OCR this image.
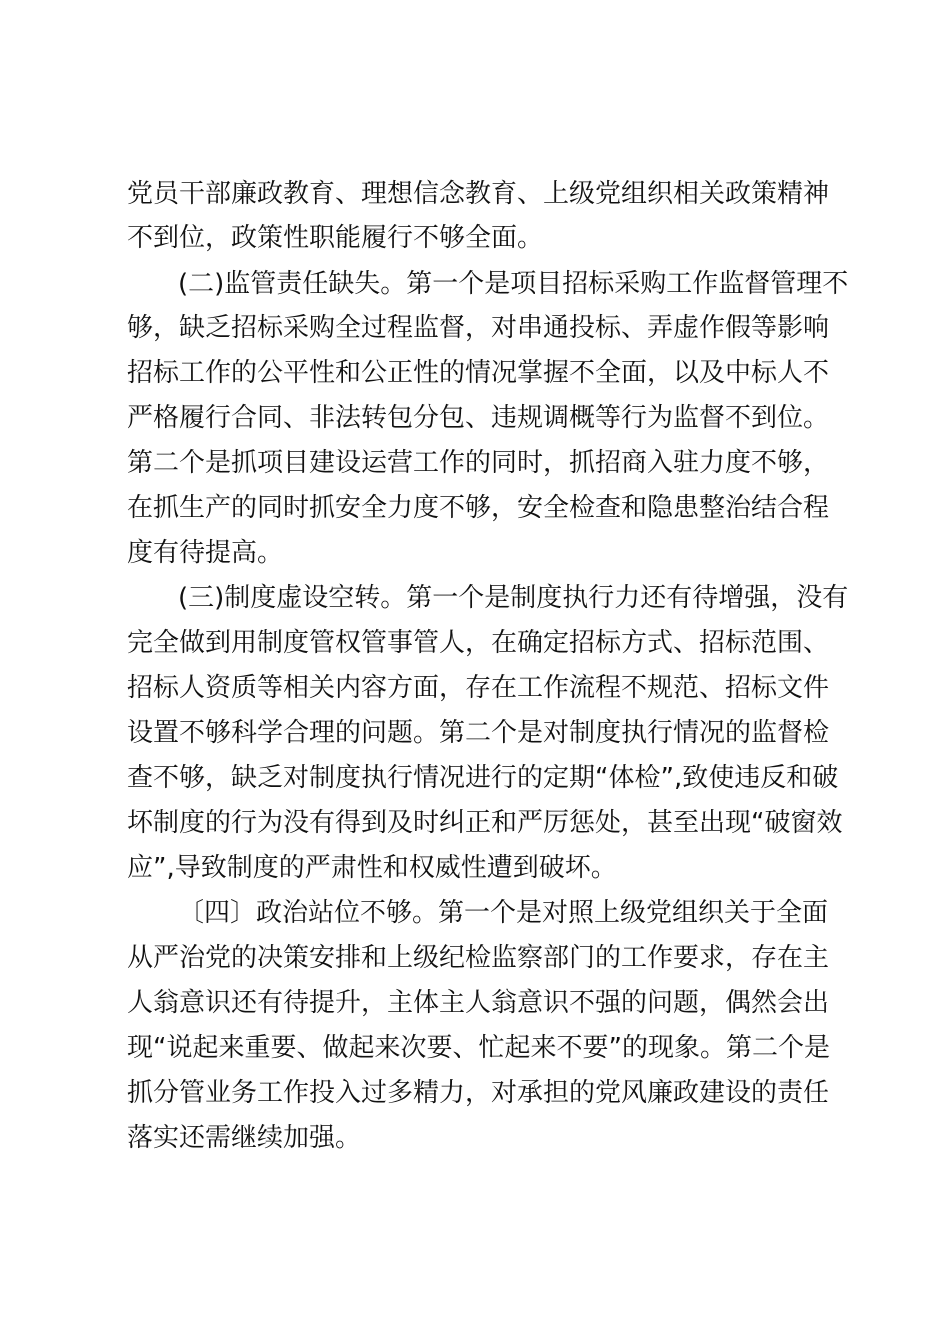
党员干部廉政教育、理想信念教育、上级党组织相关政策精神
不到位，政策性职能履行不够全面。
(二)监管责任缺失。第一个是项目招标采购工作监督管理不
够，缺乏招标采购全过程监督，对串通投标、弄虚作假等影响
招标工作的公平性和公正性的情况掌握不全面，以及中标人不
严格履行合同、非法转包分包、违规调概等行为监督不到位。
第二个是抓项目建设运营工作的同时，抓招商入驻力度不够，
在抓生产的同时抓安全力度不够，安全检查和隐患整治结合程
度有待提高。
(三)制度虚设空转。第一个是制度执行力还有待增强，没有
完全做到用制度管权管事管人，在确定招标方式、招标范围、
招标人资质等相关内容方面，存在工作流程不规范、招标文件
设置不够科学合理的问题。第二个是对制度执行情况的监督检
查不够，缺乏对制度执行情况进行的定期“体检”,致使违反和破
坏制度的行为没有得到及时纠正和严厉惩处，甚至出现“破窗效
应”,导致制度的严肃性和权威性遭到破坏。
〔四〕政治站位不够。第一个是对照上级党组织关于全面
从严治党的决策安排和上级纪检监察部门的工作要求，存在主
人翁意识还有待提升，主体主人翁意识不强的问题，偶然会出
现“说起来重要、做起来次要、忙起来不要”的现象。第二个是
抓分管业务工作投入过多精力，对承担的党风廉政建设的责任
落实还需继续加强。
